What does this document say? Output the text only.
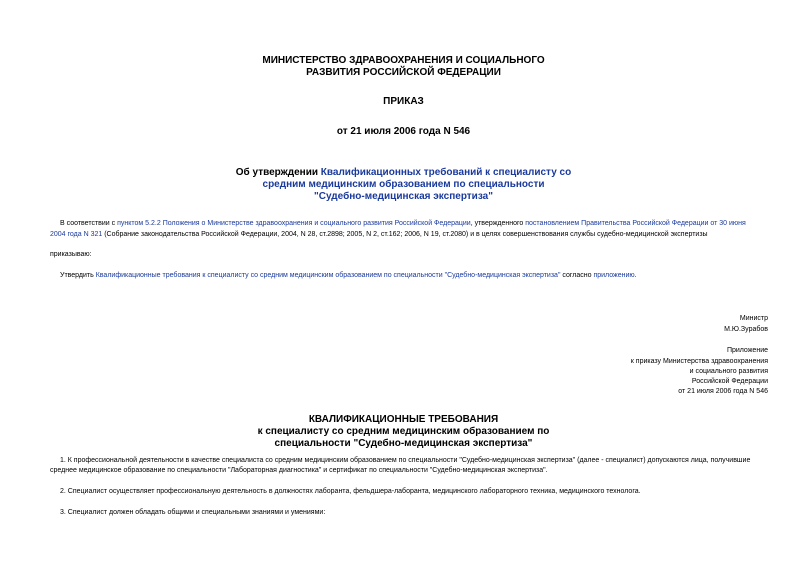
МИНИСТЕРСТВО ЗДРАВООХРАНЕНИЯ И СОЦИАЛЬНОГО
РАЗВИТИЯ РОССИЙСКОЙ ФЕДЕРАЦИИ
ПРИКАЗ
от 21 июля 2006 года N 546
Об утверждении Квалификационных требований к специалисту со
средним медицинским образованием по специальности
"Судебно-медицинская экспертиза"
В соответствии с пунктом 5.2.2 Положения о Министерстве здравоохранения и социального развития Российской Федерации, утвержденного постановлением Правительства Российской Федерации от 30 июня
2004 года N 321 (Собрание законодательства Российской Федерации, 2004, N 28, ст.2898; 2005, N 2, ст.162; 2006, N 19, ст.2080) и в целях совершенствования службы судебно-медицинской экспертизы
приказываю:
Утвердить Квалификационные требования к специалисту со средним медицинским образованием по специальности "Судебно-медицинская экспертиза" согласно приложению.
Министр
М.Ю.Зурабов
Приложение
к приказу Министерства здравоохранения
и социального развития
Российской Федерации
от 21 июля 2006 года N 546
КВАЛИФИКАЦИОННЫЕ ТРЕБОВАНИЯ
к специалисту со средним медицинским образованием по
специальности "Судебно-медицинская экспертиза"
1. К профессиональной деятельности в качестве специалиста со средним медицинским образованием по специальности "Судебно-медицинская экспертиза" (далее - специалист) допускаются лица, получившие
среднее медицинское образование по специальности "Лабораторная диагностика" и сертификат по специальности "Судебно-медицинская экспертиза".
2. Специалист осуществляет профессиональную деятельность в должностях лаборанта, фельдшера-лаборанта, медицинского лабораторного техника, медицинского технолога.
3. Специалист должен обладать общими и специальными знаниями и умениями:
